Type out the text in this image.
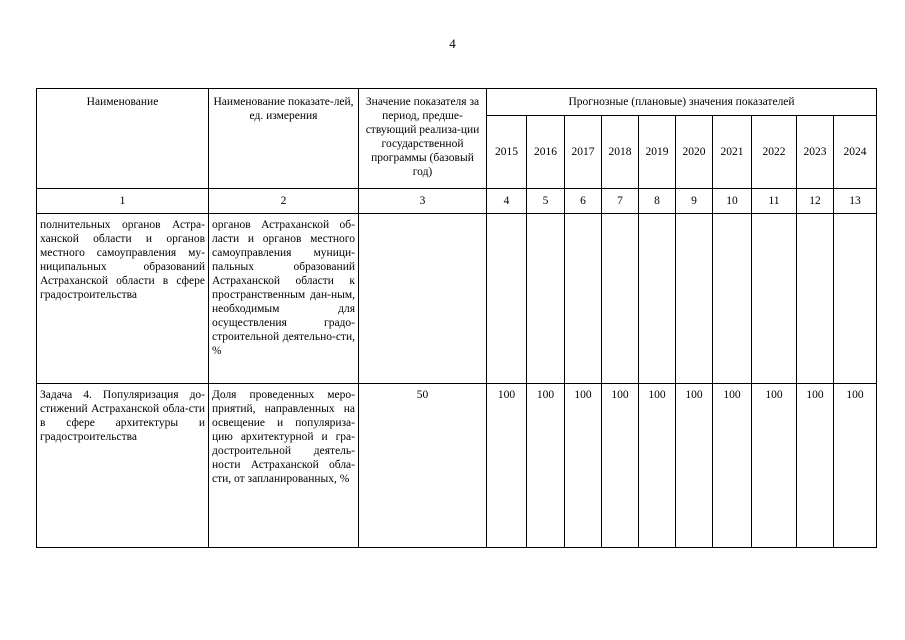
4
Наименование	Наименование показате-лей, ед. измерения	Значение показателя за период, предше-ствующий реализа-ции государственной программы (базовый год)	Прогнозные (плановые) значения показателей									
			2015	2016	2017	2018	2019	2020	2021	2022	2023	2024
1	2	3	4	5	6	7	8	9	10	11	12	13
полнительных органов Астра-ханской области и органов местного самоуправления му-ниципальных образований Астраханской области в сфере градостроительства	органов Астраханской об-ласти и органов местного самоуправления муници-пальных образований Астраханской области к пространственным дан-ным, необходимым для осуществления градо-строительной деятельно-сти, %											
Задача 4. Популяризация до-стижений Астраханской обла-сти в сфере архитектуры и градостроительства	Доля проведенных меро-приятий, направленных на освещение и популяриза-цию архитектурной и гра-достроительной деятель-ности Астраханской обла-сти, от запланированных, %	50	100	100	100	100	100	100	100	100	100	100
